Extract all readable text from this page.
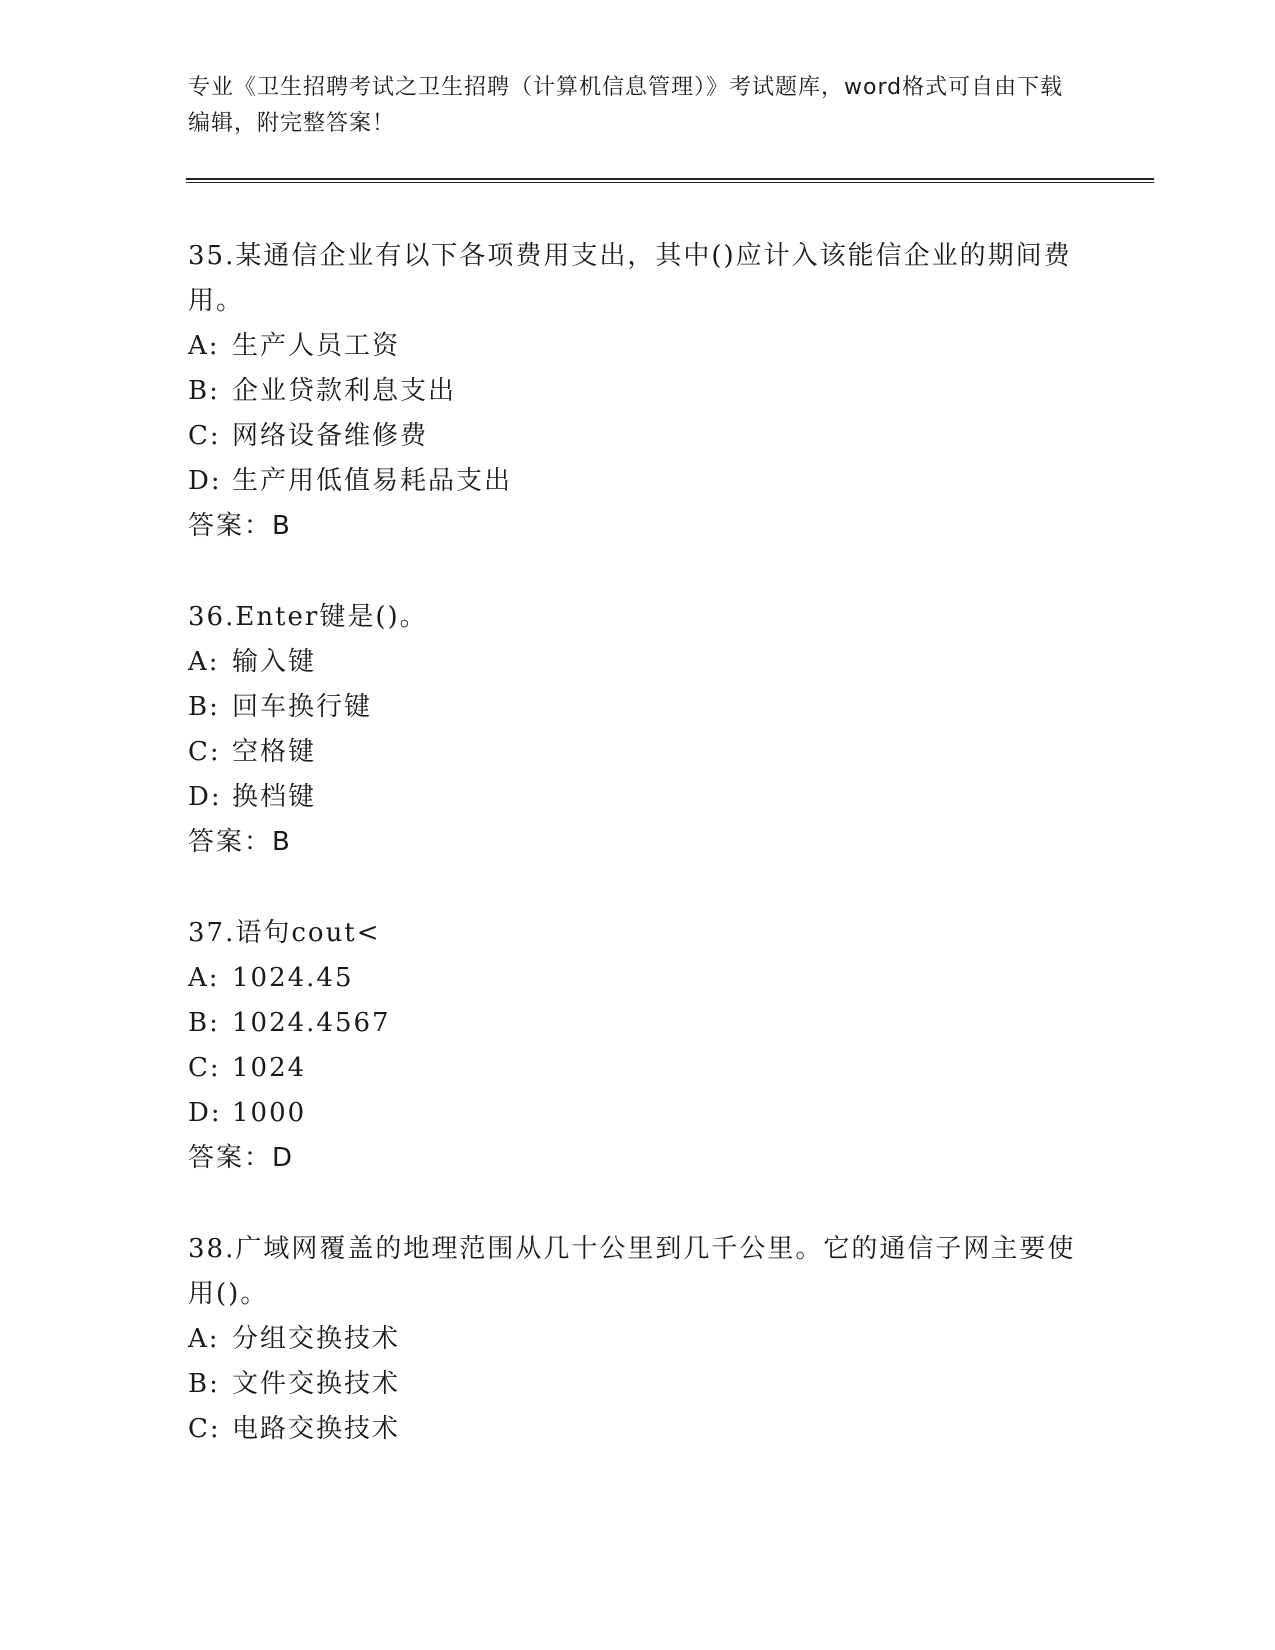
专业《卫生招聘考试之卫生招聘（计算机信息管理）》考试题库，word格式可自由下载编辑，附完整答案！

35.某通信企业有以下各项费用支出，其中()应计入该能信企业的期间费用。

A: 生产人员工资

B: 企业贷款利息支出

C: 网络设备维修费

D: 生产用低值易耗品支出

答案：B

36.Enter键是()。

A: 输入键

B: 回车换行键

C: 空格键

D: 换档键

答案：B

37.语句cout<

A: 1024.45

B: 1024.4567

C: 1024

D: 1000

答案：D

38.广域网覆盖的地理范围从几十公里到几千公里。它的通信子网主要使用()。

A: 分组交换技术

B: 文件交换技术

C: 电路交换技术
